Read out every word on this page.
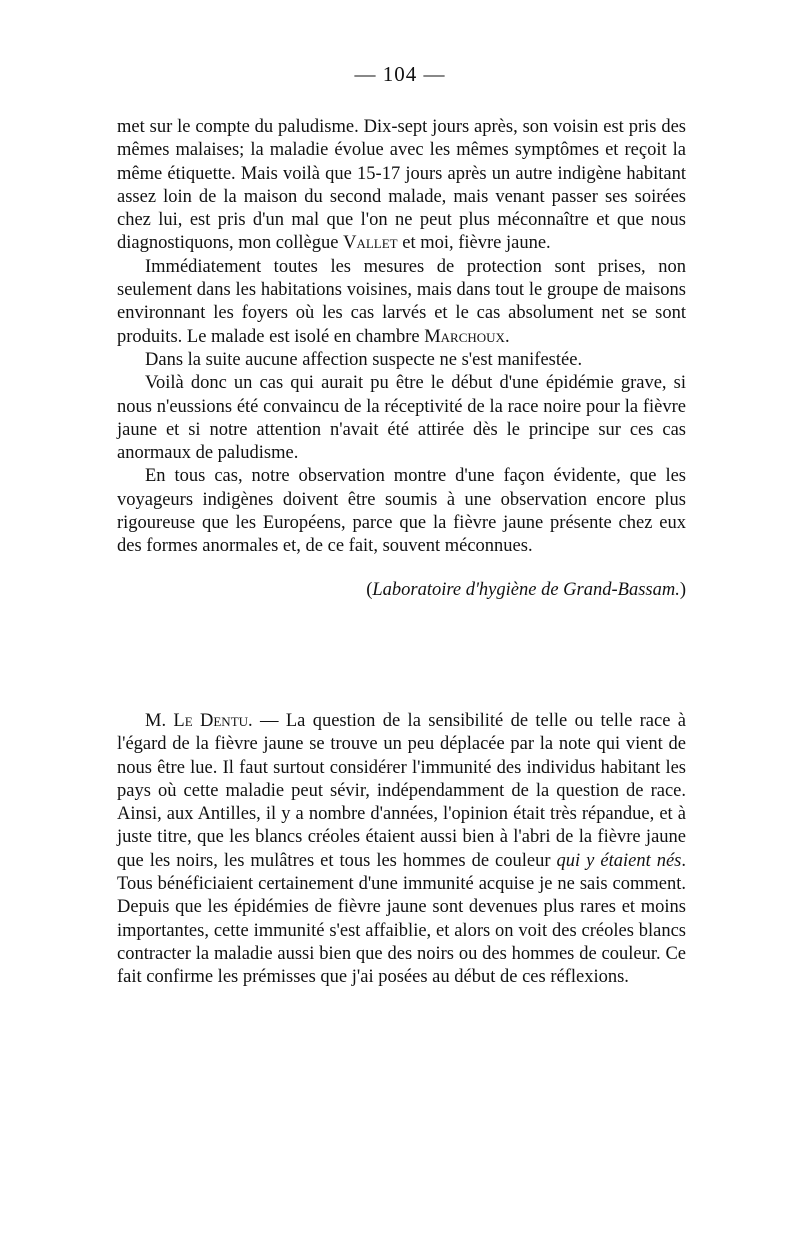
— 104 —

met sur le compte du paludisme. Dix-sept jours après, son voisin est pris des mêmes malaises; la maladie évolue avec les mêmes symptômes et reçoit la même étiquette. Mais voilà que 15-17 jours après un autre indigène habitant assez loin de la maison du second malade, mais venant passer ses soirées chez lui, est pris d'un mal que l'on ne peut plus méconnaître et que nous diagnostiquons, mon collègue Vallet et moi, fièvre jaune.

Immédiatement toutes les mesures de protection sont prises, non seulement dans les habitations voisines, mais dans tout le groupe de maisons environnant les foyers où les cas larvés et le cas absolument net se sont produits. Le malade est isolé en chambre Marchoux.

Dans la suite aucune affection suspecte ne s'est manifestée.

Voilà donc un cas qui aurait pu être le début d'une épidémie grave, si nous n'eussions été convaincu de la réceptivité de la race noire pour la fièvre jaune et si notre attention n'avait été attirée dès le principe sur ces cas anormaux de paludisme.

En tous cas, notre observation montre d'une façon évidente, que les voyageurs indigènes doivent être soumis à une observation encore plus rigoureuse que les Européens, parce que la fièvre jaune présente chez eux des formes anormales et, de ce fait, souvent méconnues.

(Laboratoire d'hygiène de Grand-Bassam.)

M. Le Dentu. — La question de la sensibilité de telle ou telle race à l'égard de la fièvre jaune se trouve un peu déplacée par la note qui vient de nous être lue. Il faut surtout considérer l'immunité des individus habitant les pays où cette maladie peut sévir, indépendamment de la question de race. Ainsi, aux Antilles, il y a nombre d'années, l'opinion était très répandue, et à juste titre, que les blancs créoles étaient aussi bien à l'abri de la fièvre jaune que les noirs, les mulâtres et tous les hommes de couleur qui y étaient nés. Tous bénéficiaient certainement d'une immunité acquise je ne sais comment. Depuis que les épidémies de fièvre jaune sont devenues plus rares et moins importantes, cette immunité s'est affaiblie, et alors on voit des créoles blancs contracter la maladie aussi bien que des noirs ou des hommes de couleur. Ce fait confirme les prémisses que j'ai posées au début de ces réflexions.
